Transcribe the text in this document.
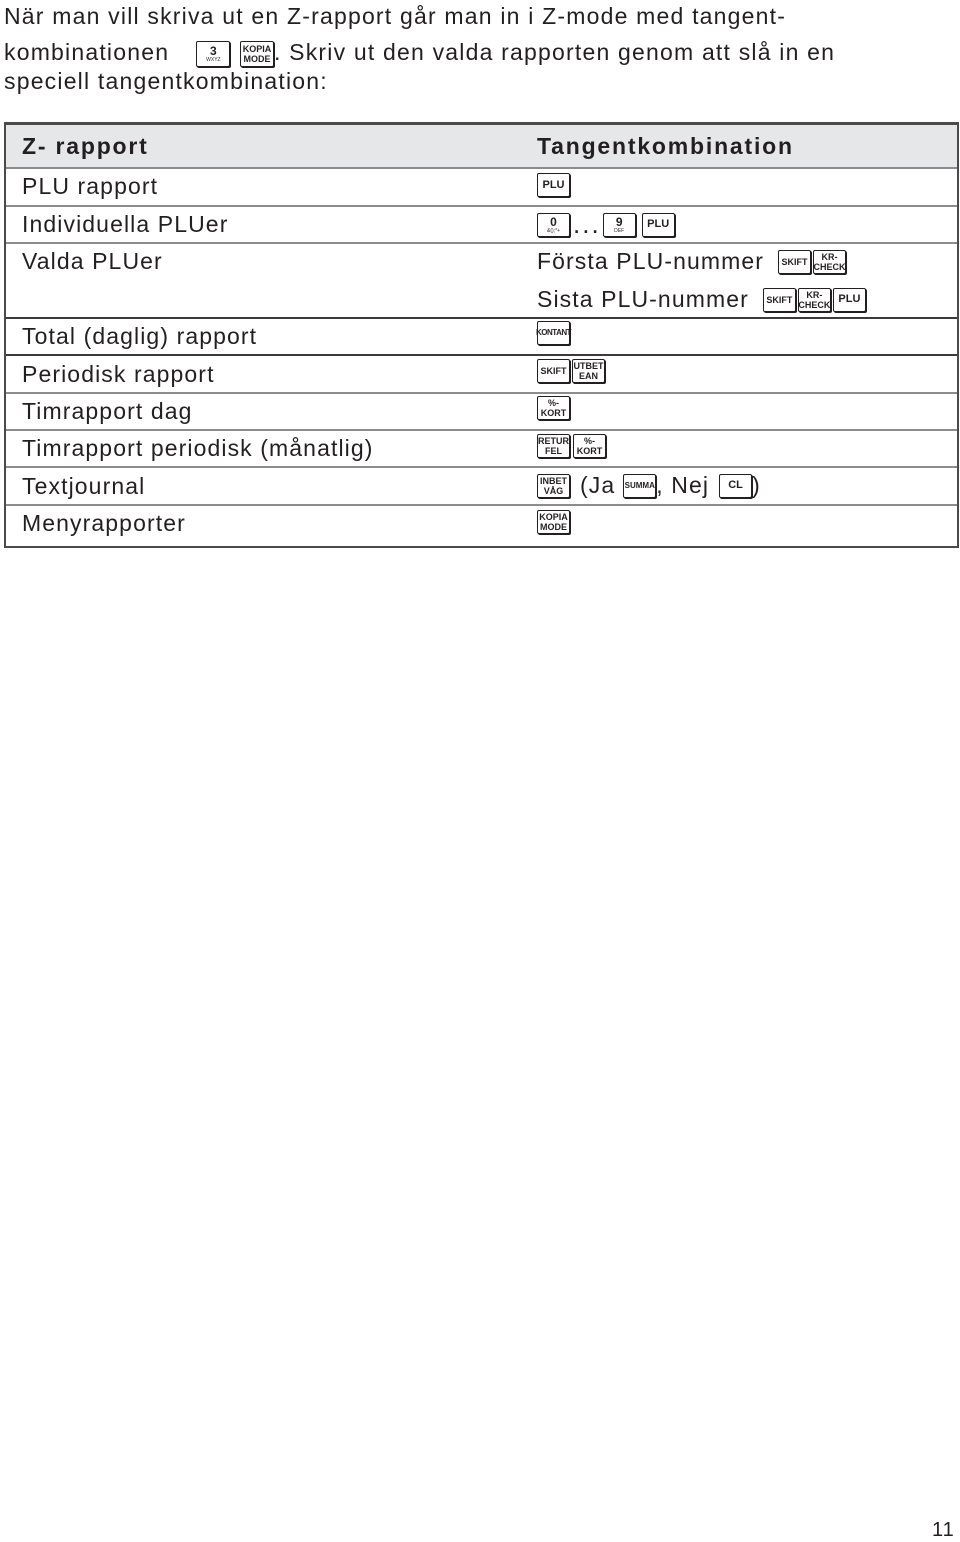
När man vill skriva ut en Z-rapport går man in i Z-mode med tangent-
kombinationen	3
WXYZ

KOPIA
MODE . Skriv ut den valda rapporten genom att slå in en
speciell tangentkombination:
Z- rapport	Tangentkombination
PLU rapport	PLU
Individuella PLUer	0
&();*+ ... 9
DEF
PLU
Valda PLUer	Första PLU-nummer SKIFT KR-
CHECK
Sista PLU-nummer SKIFT KR-
CHECK PLU
Total (daglig) rapport	KONTANT
Periodisk rapport	SKIFT UTBET
EAN
Timrapport dag	%-
KORT
Timrapport periodisk (månatlig)	RETUR
FEL
%-
KORT
Textjournal	INBET
VÅG (Ja SUMMA , Nej CL )
Menyrapporter	KOPIA
MODE
11
